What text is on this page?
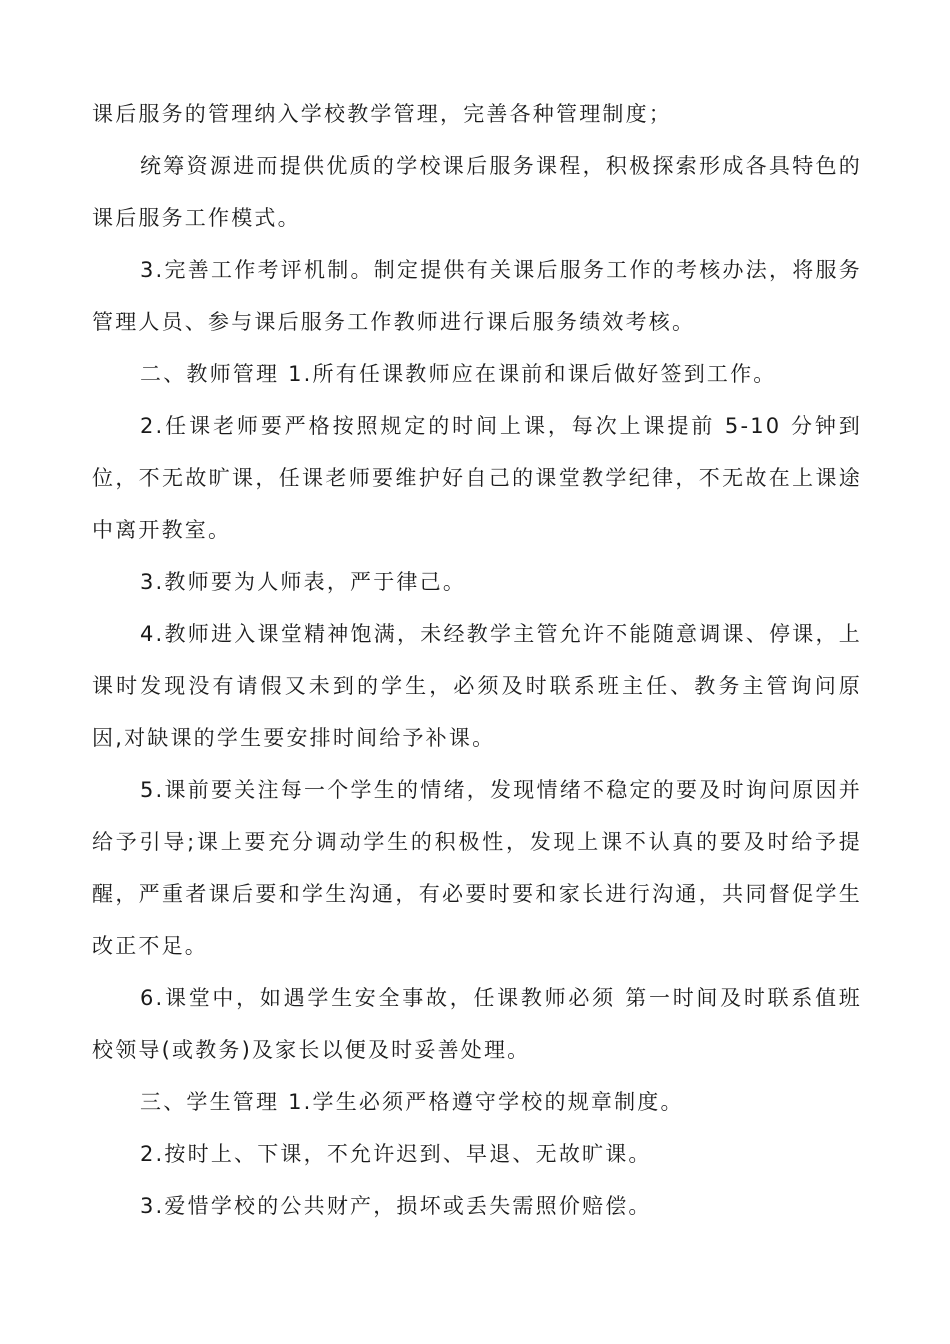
课后服务的管理纳入学校教学管理，完善各种管理制度；

统筹资源进而提供优质的学校课后服务课程，积极探索形成各具特色的课后服务工作模式。

3.完善工作考评机制。制定提供有关课后服务工作的考核办法，将服务管理人员、参与课后服务工作教师进行课后服务绩效考核。

二、教师管理 1.所有任课教师应在课前和课后做好签到工作。

2.任课老师要严格按照规定的时间上课，每次上课提前 5-10 分钟到位，不无故旷课，任课老师要维护好自己的课堂教学纪律，不无故在上课途中离开教室。

3.教师要为人师表，严于律己。

4.教师进入课堂精神饱满，未经教学主管允许不能随意调课、停课，上课时发现没有请假又未到的学生，必须及时联系班主任、教务主管询问原因,对缺课的学生要安排时间给予补课。

5.课前要关注每一个学生的情绪，发现情绪不稳定的要及时询问原因并给予引导;课上要充分调动学生的积极性，发现上课不认真的要及时给予提醒，严重者课后要和学生沟通，有必要时要和家长进行沟通，共同督促学生改正不足。

6.课堂中，如遇学生安全事故，任课教师必须 第一时间及时联系值班校领导(或教务)及家长以便及时妥善处理。

三、学生管理 1.学生必须严格遵守学校的规章制度。

2.按时上、下课，不允许迟到、早退、无故旷课。

3.爱惜学校的公共财产，损坏或丢失需照价赔偿。
